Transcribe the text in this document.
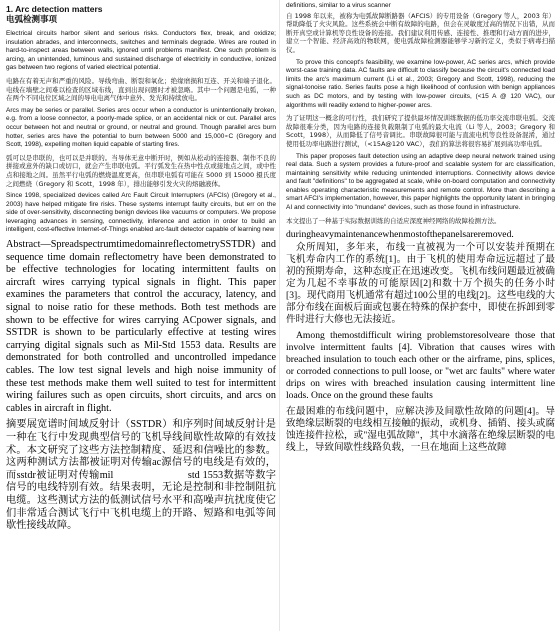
1. Arc detection matters

电弧检测事项

Electrical circuits harbor silent and serious risks. Conductors flex, break, and oxidize; insulation abrades, and interconnects, switches and terminals degrade. Wires are routed in hard-to-inspect areas between walls, ignored until problems manifest. One such problem is arcing, an unintended, luminous and sustained discharge of electricity in conductive, ionized gas between two regions of varied electrical potential.

电路在有着无声和严重的风险。导线弯曲、断裂和氧化；绝缘磨损和互连、开关和端子退化。电线在墙壁之间难以检查的区域布线，直到出现问题时才被忽略。其中一个问题是电弧，一种在两个不同电位区域之间的导电电离气体中意外、发光和持续放电。

Arcs may be series or parallel. Series arcs occur when a conductor is unintentionally broken, e.g. from a loose connector, a poorly-made splice, or an accidental nick or cut. Parallel arcs occur between hot and neutral or ground, or neutral and ground. Though parallel arcs burn hotter, series arcs have the potential to burn between 5000 and 15,000∘C (Gregory and Scott, 1998), expelling molten liquid capable of starting fires.

弧可以是串联的，也可以是并联的。当导体无意中断开时，例如从松动的连接器、制作不良的拼接或意外的缺口或切口，就会产生串联电弧。平行弧发生在热中性点或接地点之间，或中性点和接地之间。虽然平行电弧的燃烧温度更高，但串联电弧有可能在 5000 到 15000 摄氏度之间燃烧（Gregory 和 Scott，1998 年），排出能够引发火灾的熔融液体。

Since 1998, specialized devices called Arc Fault Circuit Interrupters (AFCIs) (Gregory et al., 2003) have helped mitigate fire risks. These systems interrupt faulty circuits, but err on the side of over-sensitivity, disconnecting benign devices like vacuums or computers. We propose leveraging advances in sensing, connectivity, inference and action in order to build an intelligent, cost-effective Internet-of-Things enabled arc-fault detector capable of learning new

Abstract—SpreadspectrumtimedomainreflectometrySSTDR) and sequence time domain reflectometry have been demonstrated to be effective technologies for locating intermittent faults on aircraft wires carrying typical signals in flight. This paper examines the parameters that control the accuracy, latency, and signal to noise ratio for these methods. Both test methods are shown to be effective for wires carrying ACpower signals, and SSTDR is shown to be particularly effective at testing wires carrying digital signals such as Mil-Std 1553 data. Results are demonstrated for both controlled and uncontrolled impedance cables. The low test signal levels and high noise immunity of these test methods make them well suited to test for intermittent wiring failures such as open circuits, short circuits, and arcs on cables in aircraft in flight.

摘要展宽谱时间域反射计（SSTDR）和序列时间域反射计是一种在飞行中发现典型信号的飞机导线间歇性故障的有效技术。本文研究了这些方法控制精度、延迟和信噪比的参数。这两种测试方法都被证明对传输ac源信号的电线是有效的，而sstdr被证明对传输mil　　　　　　　std 1553数据等数字信号的电线特别有效。结果表明，无论是控制和非控制阻抗电缆。这些测试方法的低测试信号水平和高噪声抗扰度使它们非常适合测试飞行中飞机电缆上的开路、短路和电弧等间歇性接线故障。

definitions, similar to a virus scanner

自 1998 年以来，被称为电弧故障断路器（AFCIS）的专用设备（Gregory 等人，2003 年）帮助降低了火灾风险。这些系统会中断有故障的电路，但会在灵敏度过高的情况下出错，从而断开真空或计算机等良性设备的连接。我们建议利用传感、连接性、推理和行动方面的进步，建立一个智能、经济高效的物联网，使电弧故障检测器能够学习新的定义，类似于病毒扫描仪。

To prove this concept's feasibility, we examine low-power, AC series arcs, which provide worst-case training data. AC faults are difficult to classify because the circuit's connected load limits the arc's maximum current (Li et al., 2003; Gregory and Scott, 1998), reducing the signal-tonoise ratio. Series faults pose a high likelihood of confusion with benign appliances such as DC motors, and by testing with low-power circuits, (<15 A @ 120 VAC), our algorithms will readily extend to higher-power arcs.

为了证明这一概念的可行性，我们研究了提供最坏情况训练数据的低功率交流串联电弧。交流故障很难分类，因为电路的连接负载限制了电弧的最大电流（Li 等人，2003；Gregory 和 Scott，1998），从而降低了信号音调比。串联故障很可能与直流电机等良性设备混淆，通过使用低功率电路进行测试，（<15A@120 VAC），我们的算法将很容易扩展到高功率电弧。

This paper proposes fault detection using an adaptive deep neural network trained using real data. Such a system provides a future-proof and scalable system for arc classification, maintaining sensitivity while reducing unintended interruptions. Connectivity allows device and fault "definitions" to be aggregated at scale, while on-board computation and connectivity enables operating characteristic measurements and remote control. More than describing a smart AFCI's implementation, however, this paper highlights the opportunity latent in bringing AI and connectivity into "mundane" devices, such as those found in infrastructure.

本文提出了一种基于实际数据训练的自适应深度神经网络的故障检测方法。

duringheavymaintenancewhenmostofthepanelsareremoved.

众所周知，多年来，布线一直被视为一个可以安装并预期在飞机寿命内工作的系统[1]。由于飞机的使用寿命远远超过了最初的预期寿命，这种态度正在迅速改变。飞机布线问题最近被确定为几起不幸事故的可能原因[2]和数十万个损失的任务小时[3]。现代商用飞机通常有超过100公里的电线[2]。这些电线的大部分布线在面板后面或包裹在特殊的保护套中，即使在拆卸到零件时进行大修也无法接近。

Among themostdifficult wiring problemstoresolveare those that involve intermittent faults [4]. Vibration that causes wires with breached insulation to touch each other or the airframe, pins, splices, or corroded connections to pull loose, or "wet arc faults" where water drips on wires with breached insulation causing intermittent line loads. Once on the ground these faults

在最困难的布线问题中，应解决涉及间歇性故障的问题[4]。导致绝缘层断裂的电线相互接触的振动，或机身、插销、接头或腐蚀连接件拉松，或"湿电弧故障"，其中水滴落在绝缘层断裂的电线上，导致间歇性线路负载，一旦在地面上这些故障
